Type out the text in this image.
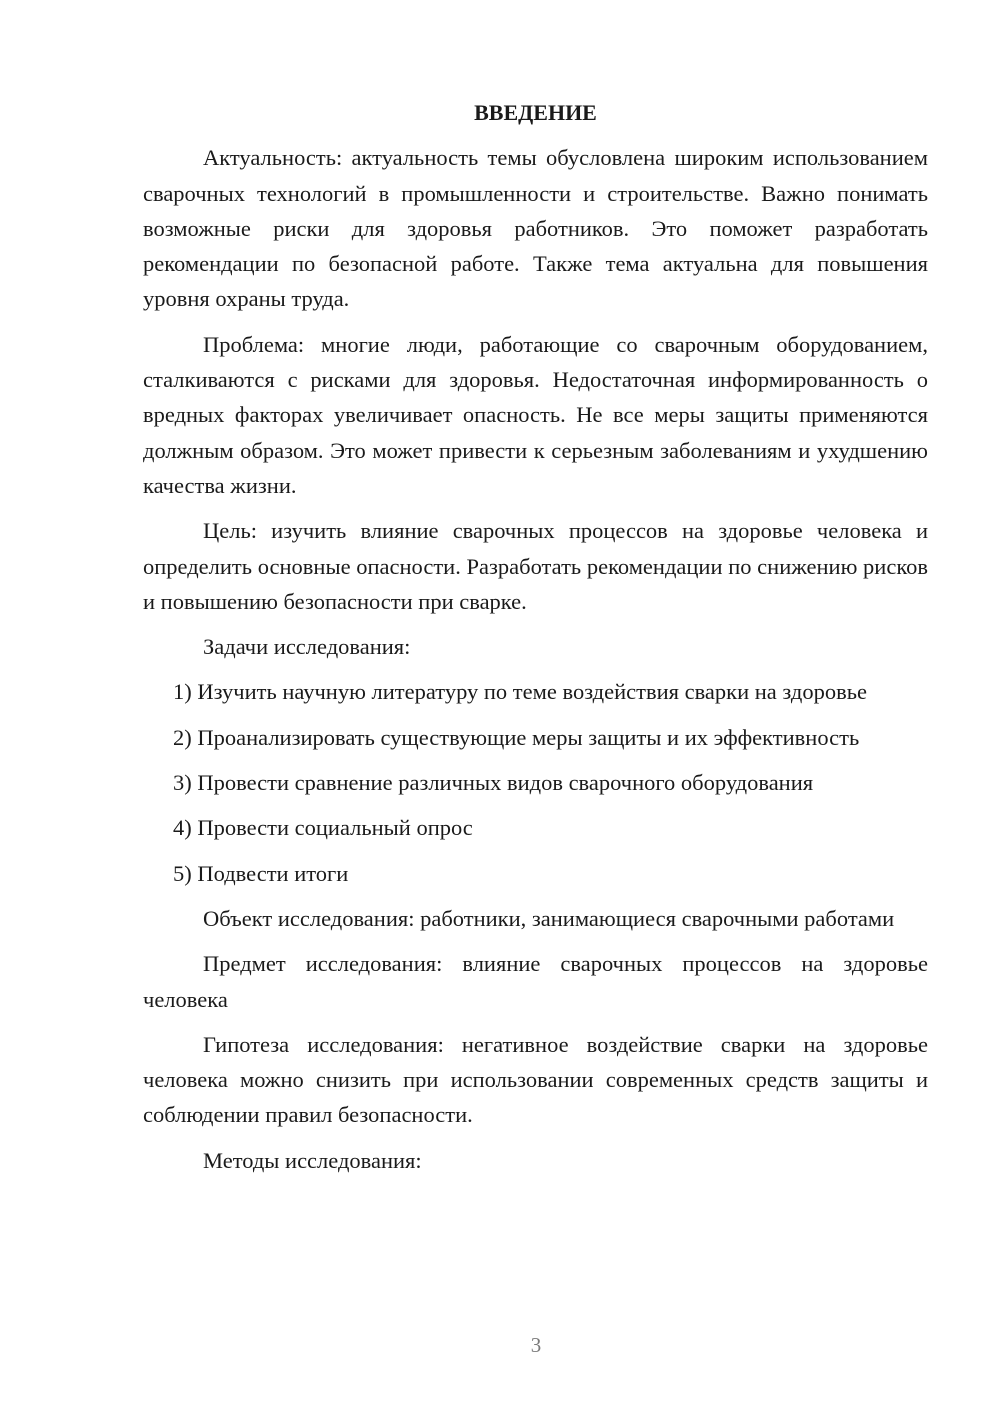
ВВЕДЕНИЕ

Актуальность: актуальность темы обусловлена широким использованием сварочных технологий в промышленности и строительстве. Важно понимать возможные риски для здоровья работников. Это поможет разработать рекомендации по безопасной работе. Также тема актуальна для повышения уровня охраны труда.

Проблема: многие люди, работающие со сварочным оборудованием, сталкиваются с рисками для здоровья. Недостаточная информированность о вредных факторах увеличивает опасность. Не все меры защиты применяются должным образом. Это может привести к серьезным заболеваниям и ухудшению качества жизни.

Цель: изучить влияние сварочных процессов на здоровье человека и определить основные опасности. Разработать рекомендации по снижению рисков и повышению безопасности при сварке.

Задачи исследования:

1) Изучить научную литературу по теме воздействия сварки на здоровье

2) Проанализировать существующие меры защиты и их эффективность

3) Провести сравнение различных видов сварочного оборудования

4) Провести социальный опрос

5) Подвести итоги

Объект исследования: работники, занимающиеся сварочными работами

Предмет исследования: влияние сварочных процессов на здоровье человека

Гипотеза исследования: негативное воздействие сварки на здоровье человека можно снизить при использовании современных средств защиты и соблюдении правил безопасности.

Методы исследования:

3
